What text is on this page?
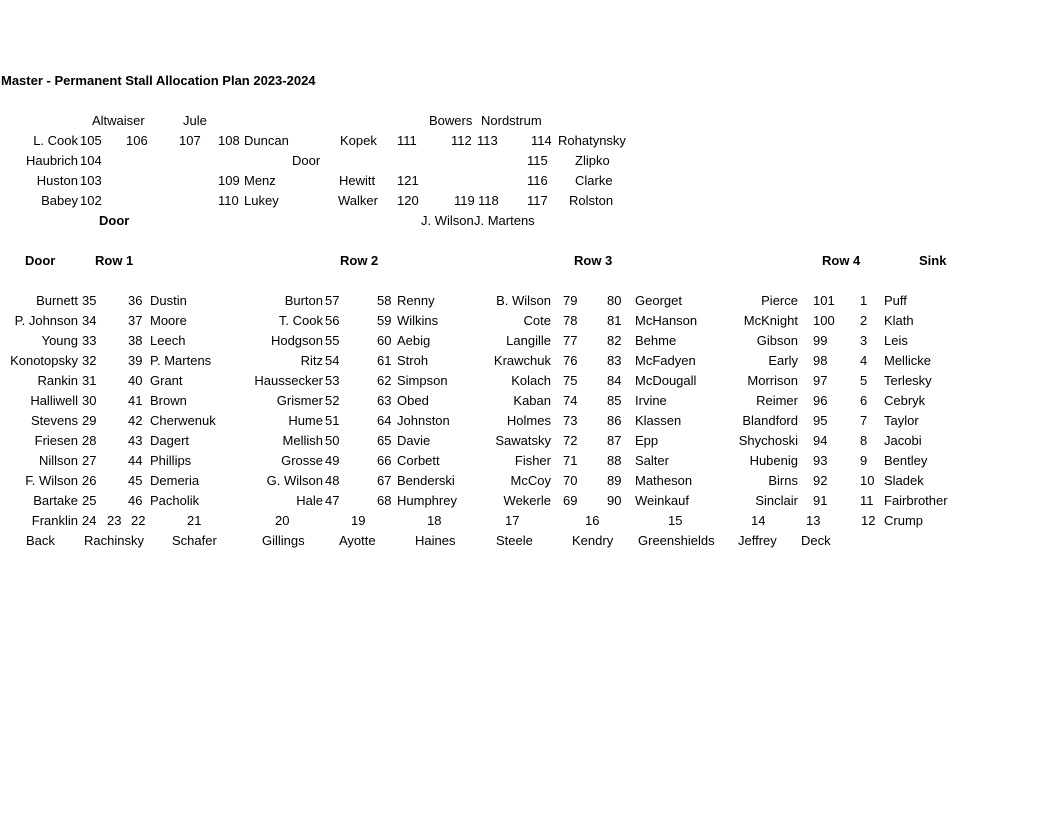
Master - Permanent Stall Allocation Plan 2023-2024
Altwaiser	Jule	Bowers Nordstrum
L. Cook 105 106 107 108 Duncan	Kopek 111	112 113	114 Rohatynsky
Haubrich 104	Door	115 Zlipko
Huston 103	109 Menz	Hewitt 121	116 Clarke
Babey 102	110 Lukey	Walker 120	119 118 117 Rolston
Door	J. Wilson J. Martens
Door	Row 1	Row 2	Row 3	Row 4	Sink
Burnett 35 36 Dustin	Burton 57	58 Renny	B. Wilson 79 80 Georget	Pierce 101 1 Puff
P. Johnson 34 37 Moore	T. Cook 56	59 Wilkins	Cote 78 81 McHanson	McKnight 100 2 Klath
Young 33 38 Leech	Hodgson 55	60 Aebig	Langille 77 82 Behme	Gibson 99	3 Leis
Konotopsky 32 39 P. Martens	Ritz 54	61 Stroh	Krawchuk 76 83 McFadyen	Early 98	4 Mellicke
Rankin 31 40 Grant	Haussecker 53	62 Simpson	Kolach 75 84 McDougall	Morrison 97	5 Terlesky
Halliwell 30 41 Brown	Grismer 52	63 Obed	Kaban 74 85 Irvine	Reimer 96	6 Cebryk
Stevens 29 42 Cherwenuk	Hume 51	64 Johnston	Holmes 73 86 Klassen	Blandford 95	7 Taylor
Friesen 28 43 Dagert	Mellish 50	65 Davie	Sawatsky 72 87 Epp	Shychoski 94	8 Jacobi
Nillson 27 44 Phillips	Grosse 49	66 Corbett	Fisher 71 88 Salter	Hubenig 93	9 Bentley
F. Wilson 26 45 Demeria	G. Wilson 48	67 Benderski	McCoy 70 89 Matheson	Birns 92	10 Sladek
Bartake 25 46 Pacholik	Hale 47	68 Humphrey	Wekerle 69 90 Weinkauf	Sinclair 91	11 Fairbrother
Franklin 24 23 22	21	20	19	18	17	16	15	14	13	12 Crump
Back Rachinsky Schafer	Gillings	Ayotte	Haines	Steele	Kendry Greenshields Jeffrey Deck
